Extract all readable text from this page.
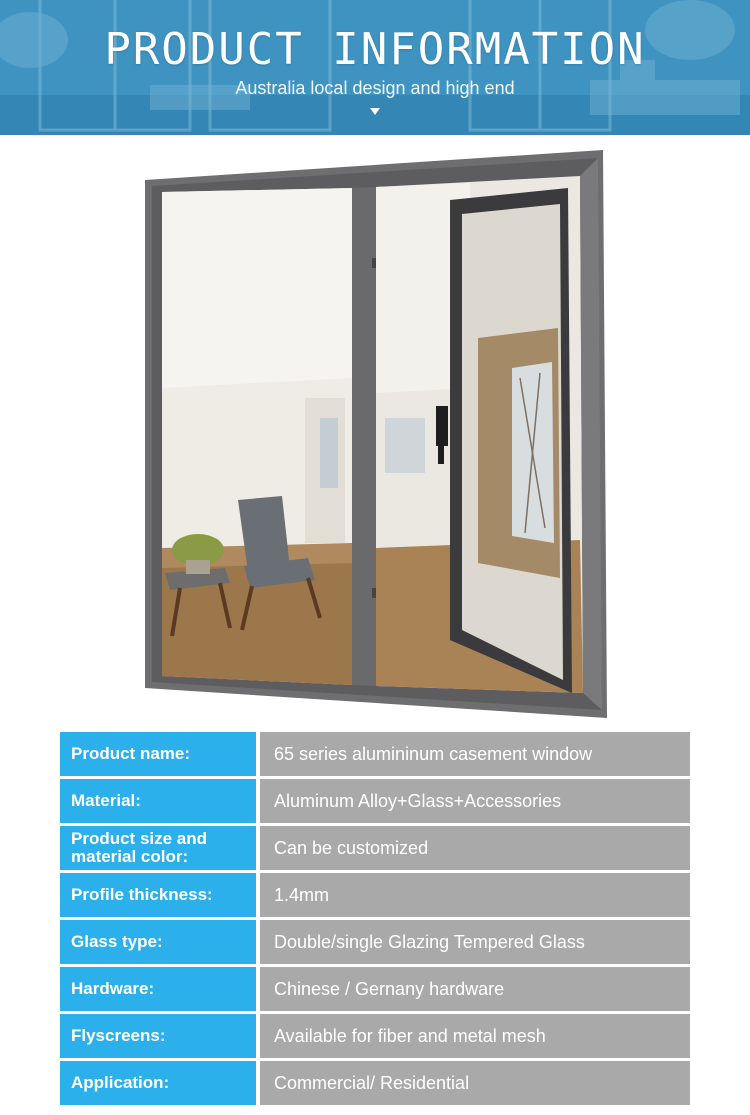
PRODUCT INFORMATION
Australia local design and high end
Product name:	65 series alumininum casement window
Material:	Aluminum Alloy+Glass+Accessories
Product size and material color:	Can be customized
Profile thickness:	1.4mm
Glass type:	Double/single Glazing Tempered Glass
Hardware:	Chinese / Gernany hardware
Flyscreens:	Available for fiber and metal mesh
Application:	Commercial/ Residential
